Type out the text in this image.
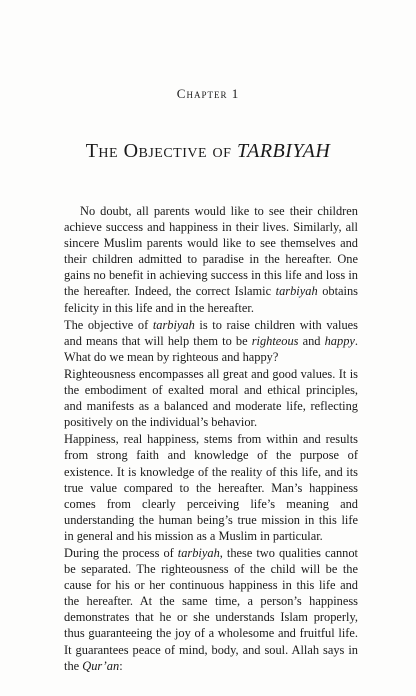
Chapter 1
The Objective of TARBIYAH

No doubt, all parents would like to see their children achieve success and happiness in their lives. Similarly, all sincere Muslim parents would like to see themselves and their children admitted to paradise in the hereafter. One gains no benefit in achieving success in this life and loss in the hereafter. Indeed, the correct Islamic tarbiyah obtains felicity in this life and in the hereafter.

The objective of tarbiyah is to raise children with values and means that will help them to be righteous and happy. What do we mean by righteous and happy?

Righteousness encompasses all great and good values. It is the embodiment of exalted moral and ethical principles, and manifests as a balanced and moderate life, reflecting positively on the individual’s behavior.

Happiness, real happiness, stems from within and results from strong faith and knowledge of the purpose of existence. It is knowledge of the reality of this life, and its true value compared to the hereafter. Man’s happiness comes from clearly perceiving life’s meaning and understanding the human being’s true mission in this life in general and his mission as a Muslim in particular.

During the process of tarbiyah, these two qualities cannot be separated. The righteousness of the child will be the cause for his or her continuous happiness in this life and the hereafter. At the same time, a person’s happiness demonstrates that he or she understands Islam properly, thus guaranteeing the joy of a wholesome and fruitful life. It guarantees peace of mind, body, and soul. Allah says in the Qur’an:
